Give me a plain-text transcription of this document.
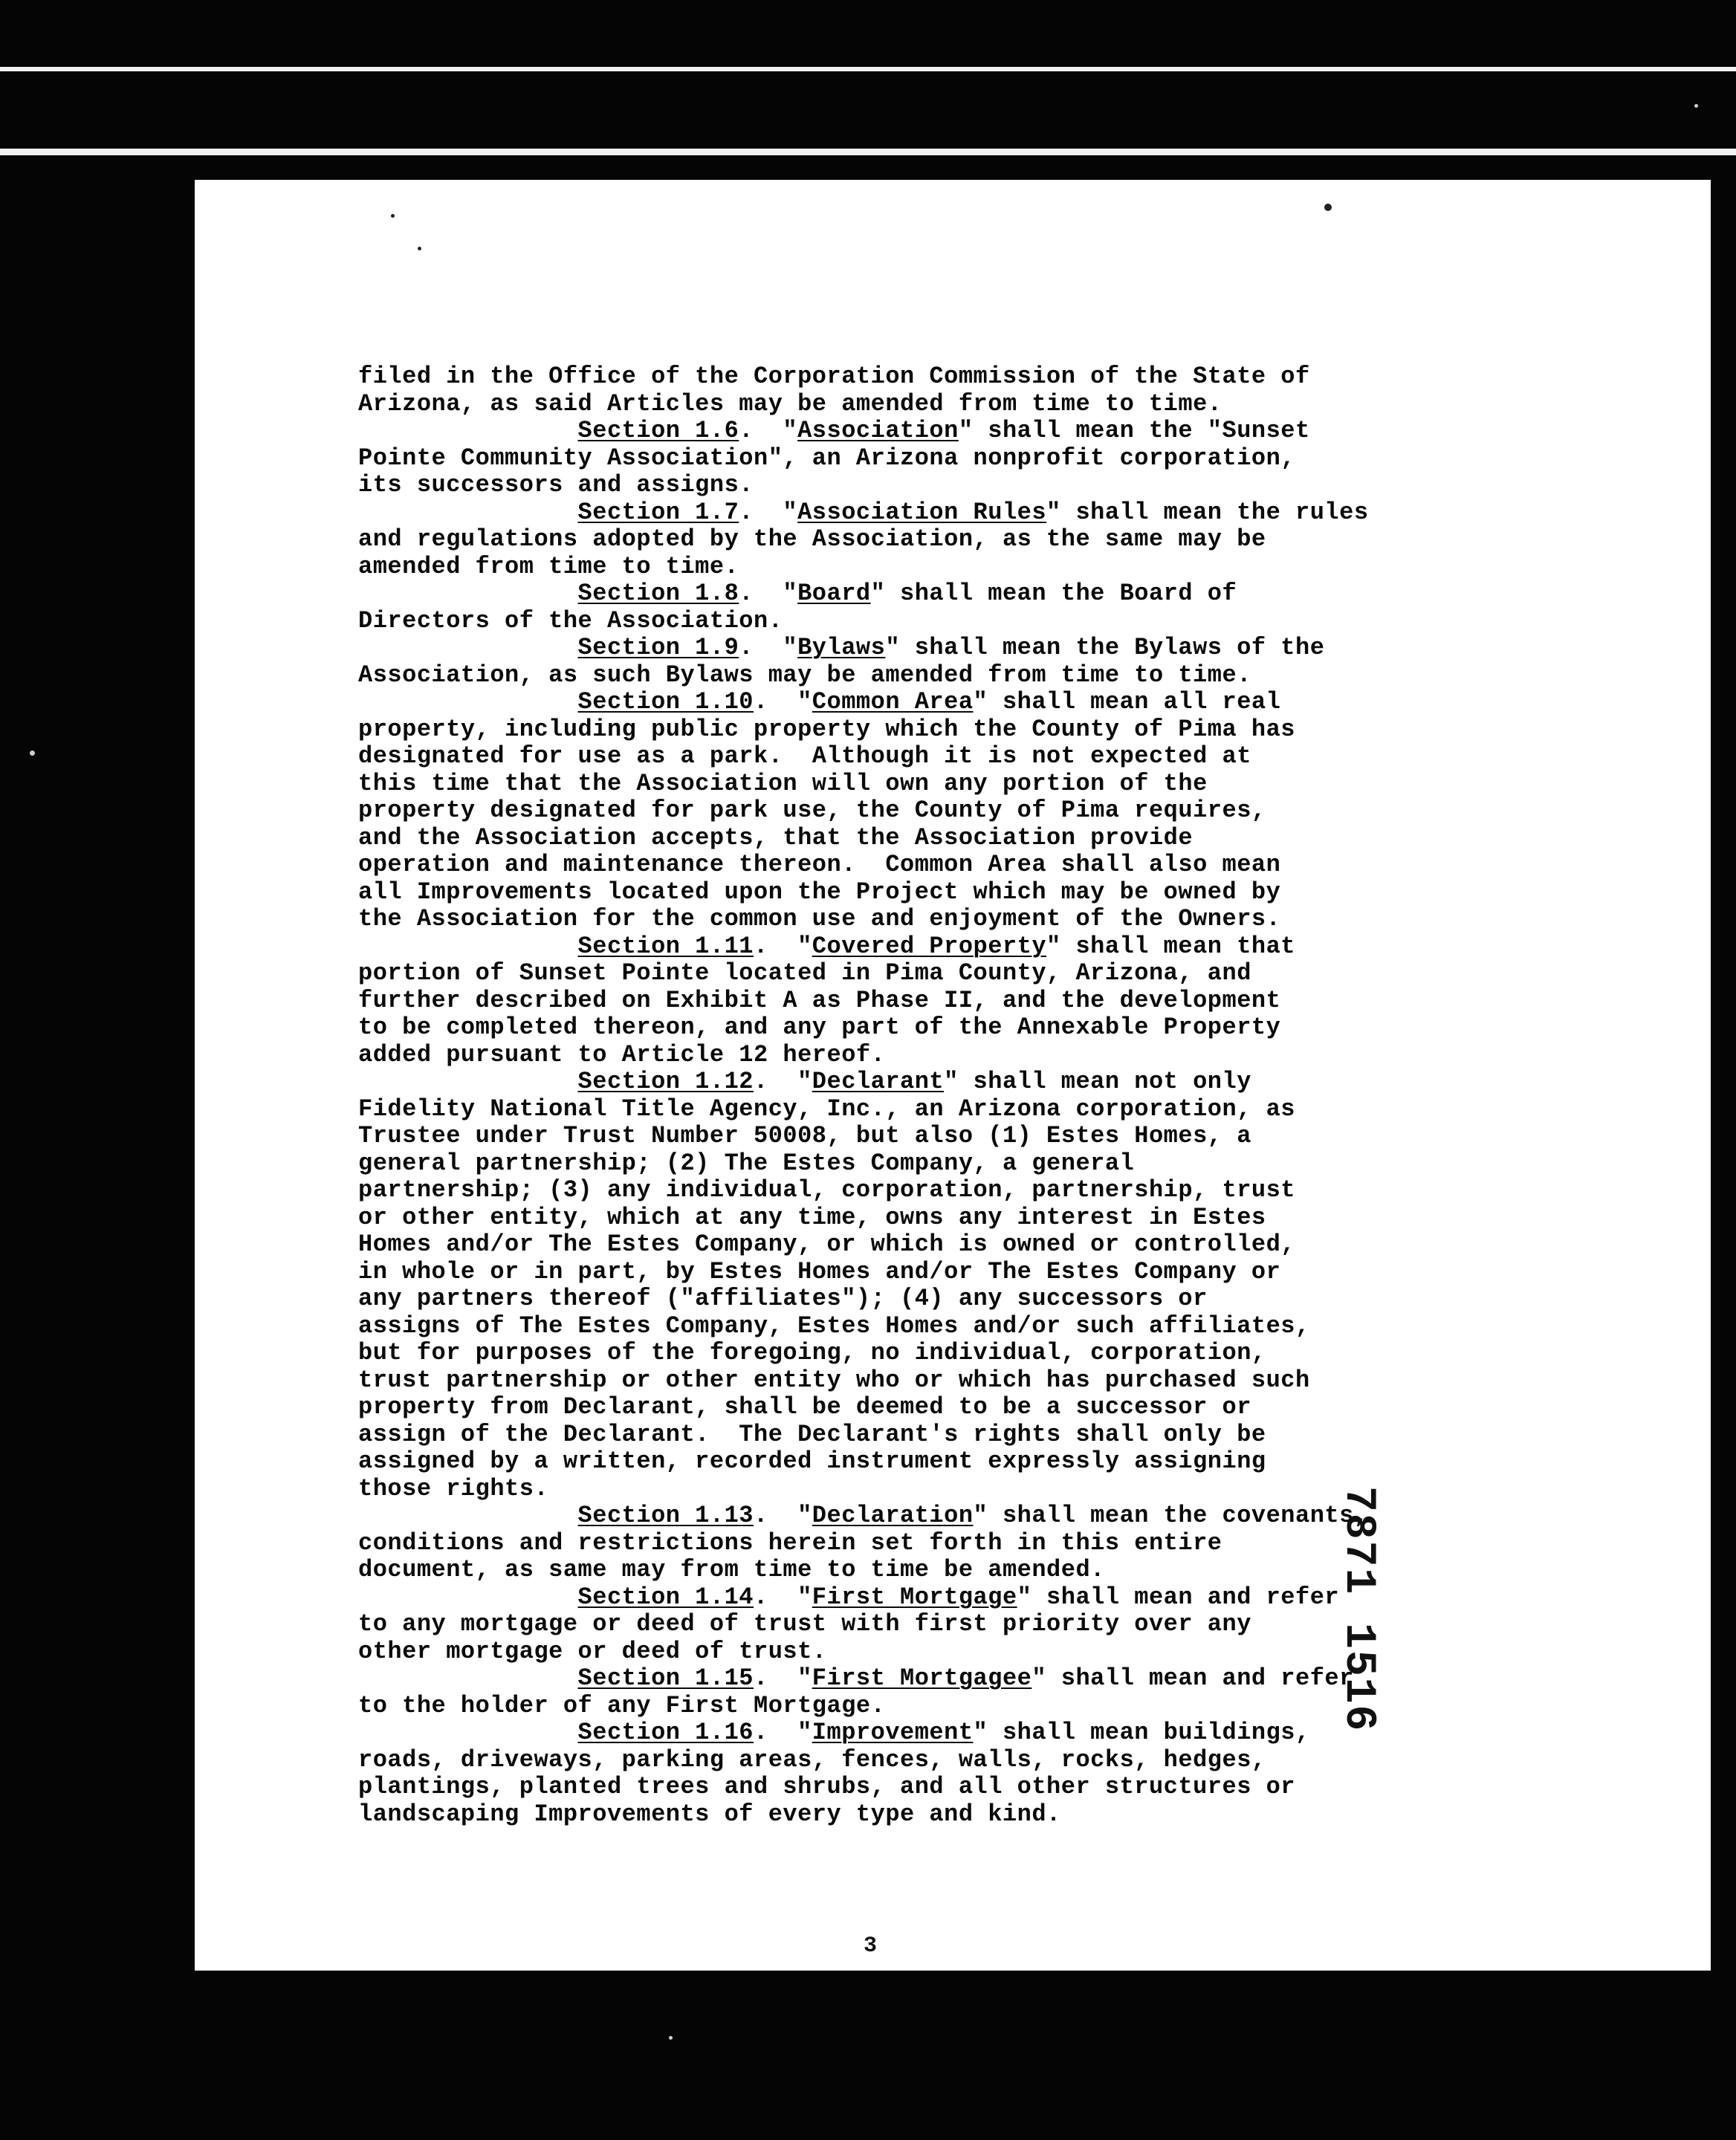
filed in the Office of the Corporation Commission of the State of
Arizona, as said Articles may be amended from time to time.
Section 1.6.  "Association" shall mean the "Sunset
Pointe Community Association", an Arizona nonprofit corporation,
its successors and assigns.
Section 1.7.  "Association Rules" shall mean the rules
and regulations adopted by the Association, as the same may be
amended from time to time.
Section 1.8.  "Board" shall mean the Board of
Directors of the Association.
Section 1.9.  "Bylaws" shall mean the Bylaws of the
Association, as such Bylaws may be amended from time to time.
Section 1.10.  "Common Area" shall mean all real
property, including public property which the County of Pima has
designated for use as a park.  Although it is not expected at
this time that the Association will own any portion of the
property designated for park use, the County of Pima requires,
and the Association accepts, that the Association provide
operation and maintenance thereon.  Common Area shall also mean
all Improvements located upon the Project which may be owned by
the Association for the common use and enjoyment of the Owners.
Section 1.11.  "Covered Property" shall mean that
portion of Sunset Pointe located in Pima County, Arizona, and
further described on Exhibit A as Phase II, and the development
to be completed thereon, and any part of the Annexable Property
added pursuant to Article 12 hereof.
Section 1.12.  "Declarant" shall mean not only
Fidelity National Title Agency, Inc., an Arizona corporation, as
Trustee under Trust Number 50008, but also (1) Estes Homes, a
general partnership; (2) The Estes Company, a general
partnership; (3) any individual, corporation, partnership, trust
or other entity, which at any time, owns any interest in Estes
Homes and/or The Estes Company, or which is owned or controlled,
in whole or in part, by Estes Homes and/or The Estes Company or
any partners thereof ("affiliates"); (4) any successors or
assigns of The Estes Company, Estes Homes and/or such affiliates,
but for purposes of the foregoing, no individual, corporation,
trust partnership or other entity who or which has purchased such
property from Declarant, shall be deemed to be a successor or
assign of the Declarant.  The Declarant's rights shall only be
assigned by a written, recorded instrument expressly assigning
those rights.
Section 1.13.  "Declaration" shall mean the covenants,
conditions and restrictions herein set forth in this entire
document, as same may from time to time be amended.
Section 1.14.  "First Mortgage" shall mean and refer
to any mortgage or deed of trust with first priority over any
other mortgage or deed of trust.
Section 1.15.  "First Mortgagee" shall mean and refer
to the holder of any First Mortgage.
Section 1.16.  "Improvement" shall mean buildings,
roads, driveways, parking areas, fences, walls, rocks, hedges,
plantings, planted trees and shrubs, and all other structures or
landscaping Improvements of every type and kind.
3
7871 1516
